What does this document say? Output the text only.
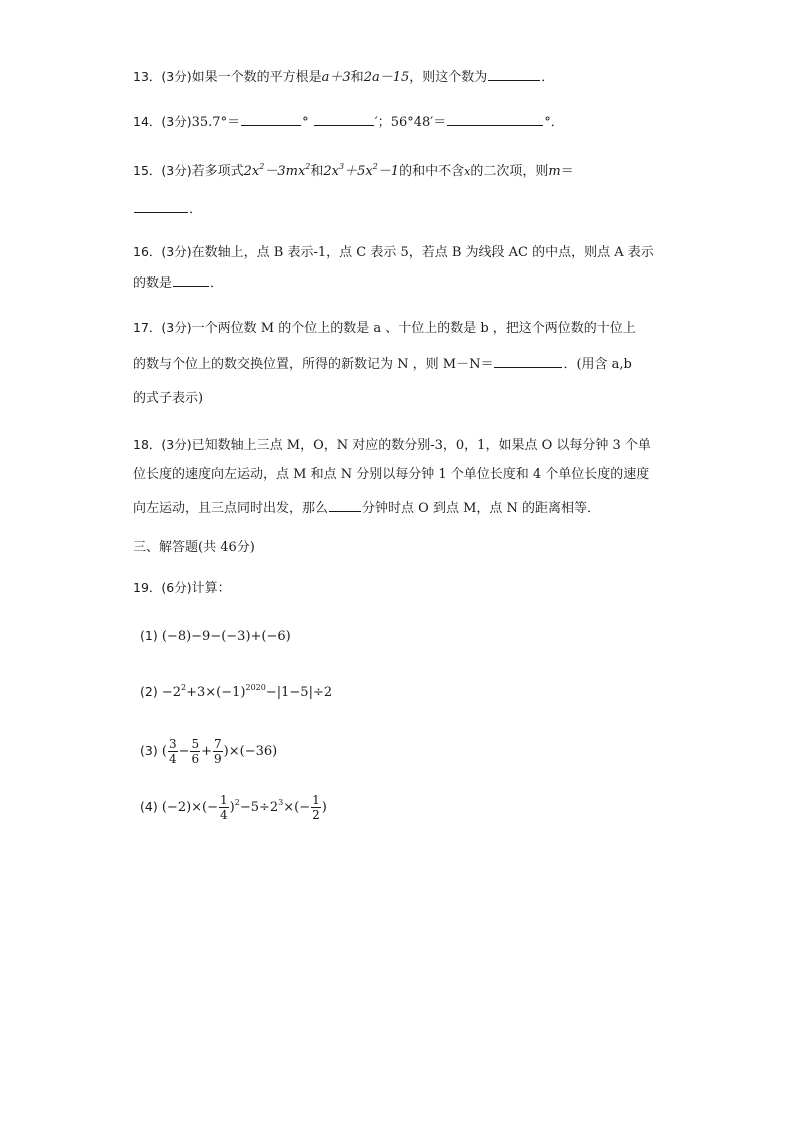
13．(3分)如果一个数的平方根是a＋3和2a－15，则这个数为	．
14．(3分)35.7°＝	°	′；56°48′＝	°．
15．(3分)若多项式$2x^2-3mx^2$和$2x^3+5x^2-1$的和中不含x的二次项，则m＝
．
16．(3分)在数轴上，点 B 表示-1，点 C 表示 5，若点 B 为线段 AC 的中点，则点 A 表示
的数是	．
17．(3分)一个两位数 M 的个位上的数是 a 、十位上的数是 b ，把这个两位数的十位上
的数与个位上的数交换位置，所得的新数记为 N ，则 M－N＝	．(用含 a,b
的式子表示)
18．(3分)已知数轴上三点 M，O，N 对应的数分别-3，0，1，如果点 O 以每分钟 3 个单
位长度的速度向左运动，点 M 和点 N 分别以每分钟 1 个单位长度和 4 个单位长度的速度
向左运动，且三点同时出发，那么	分钟时点 O 到点 M，点 N 的距离相等．
三、解答题(共 46分)
19．(6分)计算：
(1) (−8)−9−(−3)+(−6)
$(2) -2^2+3\times(-1)^{2020}-|1-5|\div 2$
(3) ( $\frac{3}{4} - \frac{5}{6} + \frac{7}{9} )\times(-36)$
(4) $(-2)\times(- \frac{1}{4} )^2-5\div 2^3\times(- \frac{1}{2}$ )
